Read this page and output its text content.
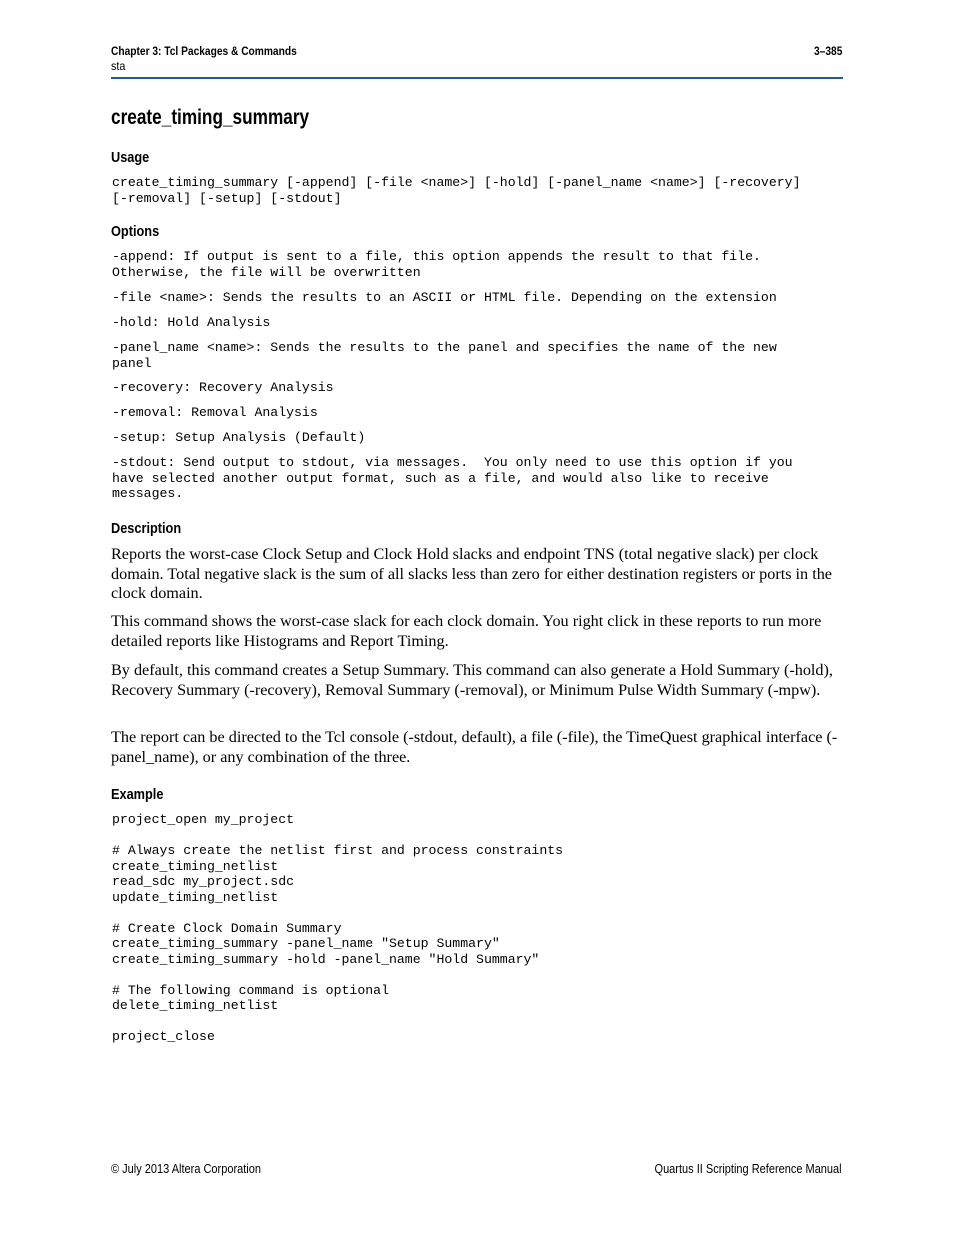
Chapter 3: Tcl Packages & Commands	3–385
sta
create_timing_summary
Usage
create_timing_summary [-append] [-file <name>] [-hold] [-panel_name <name>] [-recovery]
[-removal] [-setup] [-stdout]
Options
-append: If output is sent to a file, this option appends the result to that file.
Otherwise, the file will be overwritten
-file <name>: Sends the results to an ASCII or HTML file. Depending on the extension
-hold: Hold Analysis
-panel_name <name>: Sends the results to the panel and specifies the name of the new
panel
-recovery: Recovery Analysis
-removal: Removal Analysis
-setup: Setup Analysis (Default)
-stdout: Send output to stdout, via messages.  You only need to use this option if you
have selected another output format, such as a file, and would also like to receive
messages.
Description

Reports the worst-case Clock Setup and Clock Hold slacks and endpoint TNS (total negative slack) per clock domain. Total negative slack is the sum of all slacks less than zero for either destination registers or ports in the clock domain.

This command shows the worst-case slack for each clock domain. You right click in these reports to run more detailed reports like Histograms and Report Timing.

By default, this command creates a Setup Summary. This command can also generate a Hold Summary (-hold), Recovery Summary (-recovery), Removal Summary (-removal), or Minimum Pulse Width Summary (-mpw).

The report can be directed to the Tcl console (-stdout, default), a file (-file), the TimeQuest graphical interface (-panel_name), or any combination of the three.

Example
project_open my_project

# Always create the netlist first and process constraints
create_timing_netlist
read_sdc my_project.sdc
update_timing_netlist

# Create Clock Domain Summary
create_timing_summary -panel_name "Setup Summary"
create_timing_summary -hold -panel_name "Hold Summary"

# The following command is optional
delete_timing_netlist

project_close
© July 2013 Altera Corporation	Quartus II Scripting Reference Manual
